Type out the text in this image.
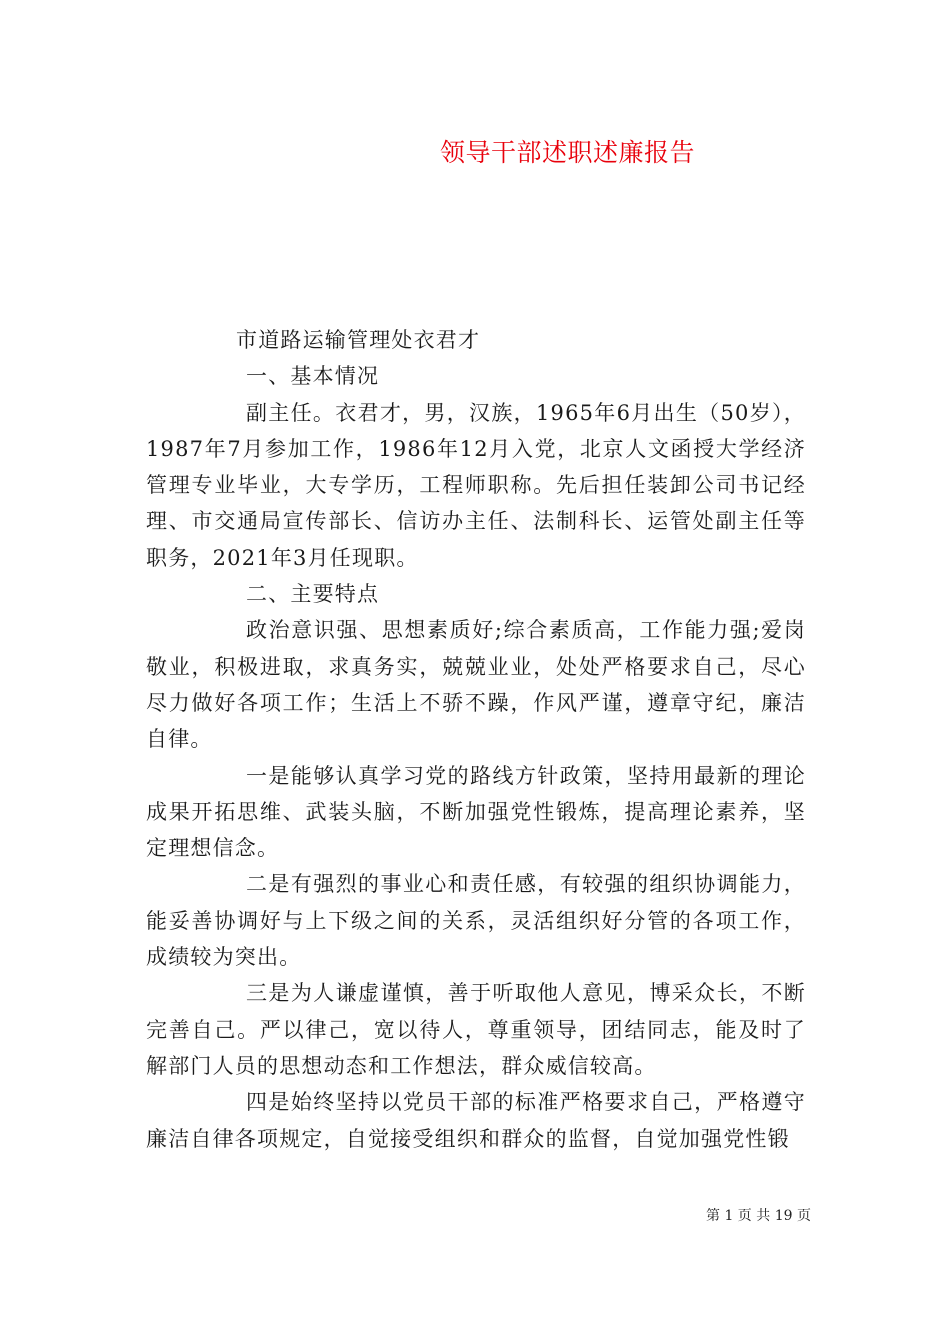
领导干部述职述廉报告

市道路运输管理处衣君才

一、基本情况

副主任。衣君才，男，汉族，1965年6月出生（50岁），1987年7月参加工作，1986年12月入党，北京人文函授大学经济管理专业毕业，大专学历，工程师职称。先后担任装卸公司书记经理、市交通局宣传部长、信访办主任、法制科长、运管处副主任等职务，2021年3月任现职。

二、主要特点

政治意识强、思想素质好;综合素质高，工作能力强;爱岗敬业，积极进取，求真务实，兢兢业业，处处严格要求自己，尽心尽力做好各项工作；生活上不骄不躁，作风严谨，遵章守纪，廉洁自律。

一是能够认真学习党的路线方针政策，坚持用最新的理论成果开拓思维、武装头脑，不断加强党性锻炼，提高理论素养，坚定理想信念。

二是有强烈的事业心和责任感，有较强的组织协调能力，能妥善协调好与上下级之间的关系，灵活组织好分管的各项工作，成绩较为突出。

三是为人谦虚谨慎，善于听取他人意见，博采众长，不断完善自己。严以律己，宽以待人，尊重领导，团结同志，能及时了解部门人员的思想动态和工作想法，群众威信较高。

四是始终坚持以党员干部的标准严格要求自己，严格遵守廉洁自律各项规定，自觉接受组织和群众的监督，自觉加强党性锻

第 1 页 共 19 页
